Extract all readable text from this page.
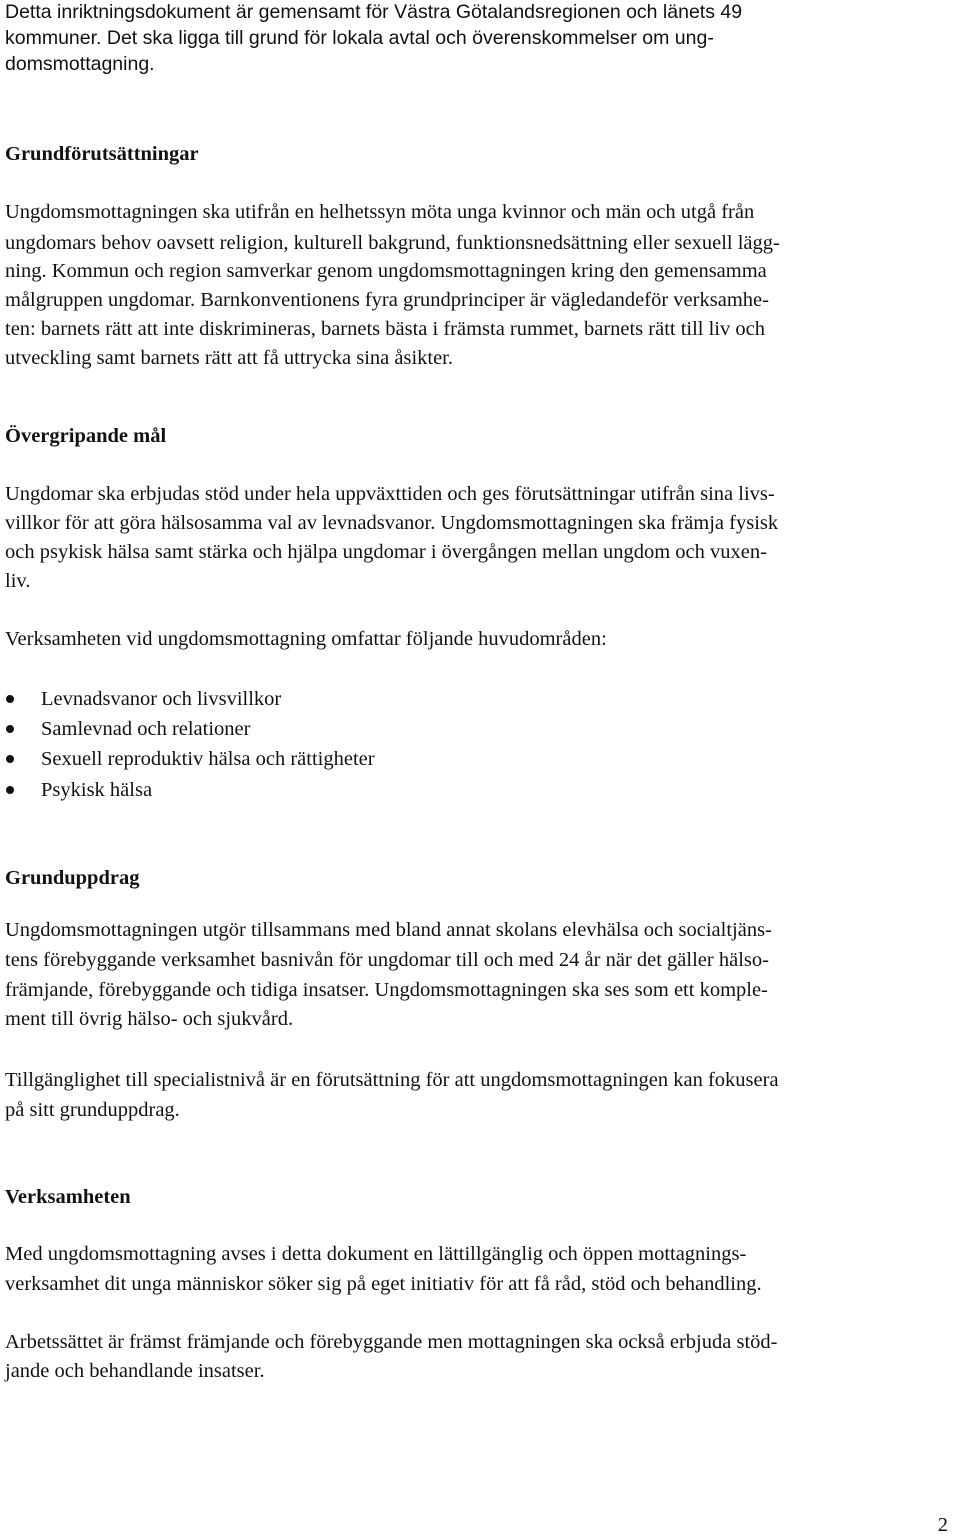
Detta inriktningsdokument är gemensamt för Västra Götalandsregionen och länets 49
kommuner. Det ska ligga till grund för lokala avtal och överenskommelser om ung-
domsmottagning.
Grundförutsättningar
Ungdomsmottagningen ska utifrån en helhetssyn möta unga kvinnor och män och utgå från
ungdomars behov oavsett religion, kulturell bakgrund, funktionsnedsättning eller sexuell lägg-
ning. Kommun och region samverkar genom ungdomsmottagningen kring den gemensamma
målgruppen ungdomar. Barnkonventionens fyra grundprinciper är vägledandeför verksamhe-
ten: barnets rätt att inte diskrimineras, barnets bästa i främsta rummet, barnets rätt till liv och
utveckling samt barnets rätt att få uttrycka sina åsikter.
Övergripande mål
Ungdomar ska erbjudas stöd under hela uppväxttiden och ges förutsättningar utifrån sina livs-
villkor för att göra hälsosamma val av levnadsvanor. Ungdomsmottagningen ska främja fysisk
och psykisk hälsa samt stärka och hjälpa ungdomar i övergången mellan ungdom och vuxen-
liv.
Verksamheten vid ungdomsmottagning omfattar följande huvudområden:
Levnadsvanor och livsvillkor
Samlevnad och relationer
Sexuell reproduktiv hälsa och rättigheter
Psykisk hälsa
Grunduppdrag
Ungdomsmottagningen utgör tillsammans med bland annat skolans elevhälsa och socialtjäns-
tens förebyggande verksamhet basnivån för ungdomar till och med 24 år när det gäller hälso-
främjande, förebyggande och tidiga insatser. Ungdomsmottagningen ska ses som ett komple-
ment till övrig hälso- och sjukvård.
Tillgänglighet till specialistnivå är en förutsättning för att ungdomsmottagningen kan fokusera
på sitt grunduppdrag.
Verksamheten
Med ungdomsmottagning avses i detta dokument en lättillgänglig och öppen mottagnings-
verksamhet dit unga människor söker sig på eget initiativ för att få råd, stöd och behandling.
Arbetssättet är främst främjande och förebyggande men mottagningen ska också erbjuda stöd-
jande och behandlande insatser.
2
